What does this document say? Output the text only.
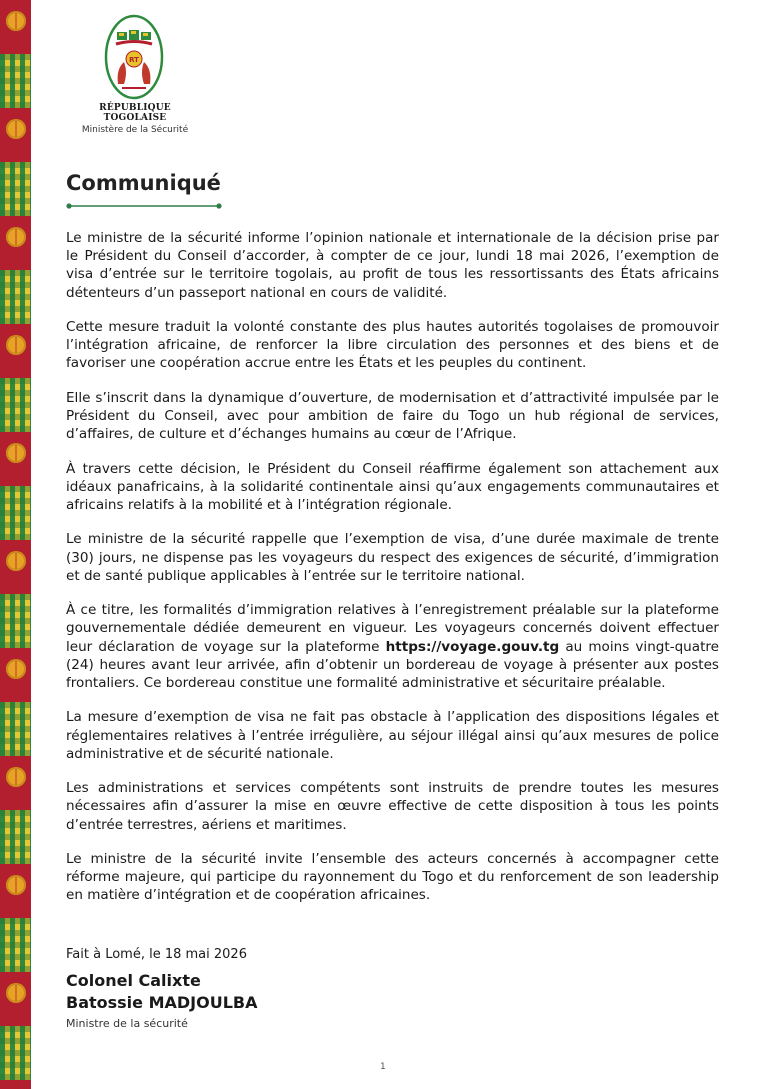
RT
RÉPUBLIQUE TOGOLAISE
Ministère de la Sécurité
Communiqué

Le ministre de la sécurité informe l’opinion nationale et internationale de la décision prise par le Président du Conseil d’accorder, à compter de ce jour, lundi 18 mai 2026, l’exemption de visa d’entrée sur le territoire togolais, au profit de tous les ressortissants des États africains détenteurs d’un passeport national en cours de validité.

Cette mesure traduit la volonté constante des plus hautes autorités togolaises de promouvoir l’intégration africaine, de renforcer la libre circulation des personnes et des biens et de favoriser une coopération accrue entre les États et les peuples du continent.

Elle s’inscrit dans la dynamique d’ouverture, de modernisation et d’attractivité impulsée par le Président du Conseil, avec pour ambition de faire du Togo un hub régional de services, d’affaires, de culture et d’échanges humains au cœur de l’Afrique.

À travers cette décision, le Président du Conseil réaffirme également son attachement aux idéaux panafricains, à la solidarité continentale ainsi qu’aux engagements communautaires et africains relatifs à la mobilité et à l’intégration régionale.

Le ministre de la sécurité rappelle que l’exemption de visa, d’une durée maximale de trente (30) jours, ne dispense pas les voyageurs du respect des exigences de sécurité, d’immigration et de santé publique applicables à l’entrée sur le territoire national.

À ce titre, les formalités d’immigration relatives à l’enregistrement préalable sur la plateforme gouvernementale dédiée demeurent en vigueur. Les voyageurs concernés doivent effectuer leur déclaration de voyage sur la plateforme https://voyage.gouv.tg au moins vingt-quatre (24) heures avant leur arrivée, afin d’obtenir un bordereau de voyage à présenter aux postes frontaliers. Ce bordereau constitue une formalité administrative et sécuritaire préalable.

La mesure d’exemption de visa ne fait pas obstacle à l’application des dispositions légales et réglementaires relatives à l’entrée irrégulière, au séjour illégal ainsi qu’aux mesures de police administrative et de sécurité nationale.

Les administrations et services compétents sont instruits de prendre toutes les mesures nécessaires afin d’assurer la mise en œuvre effective de cette disposition à tous les points d’entrée terrestres, aériens et maritimes.

Le ministre de la sécurité invite l’ensemble des acteurs concernés à accompagner cette réforme majeure, qui participe du rayonnement du Togo et du renforcement de son leadership en matière d’intégration et de coopération africaines.

Fait à Lomé, le 18 mai 2026
Colonel Calixte
Batossie MADJOULBA
Ministre de la sécurité
1
